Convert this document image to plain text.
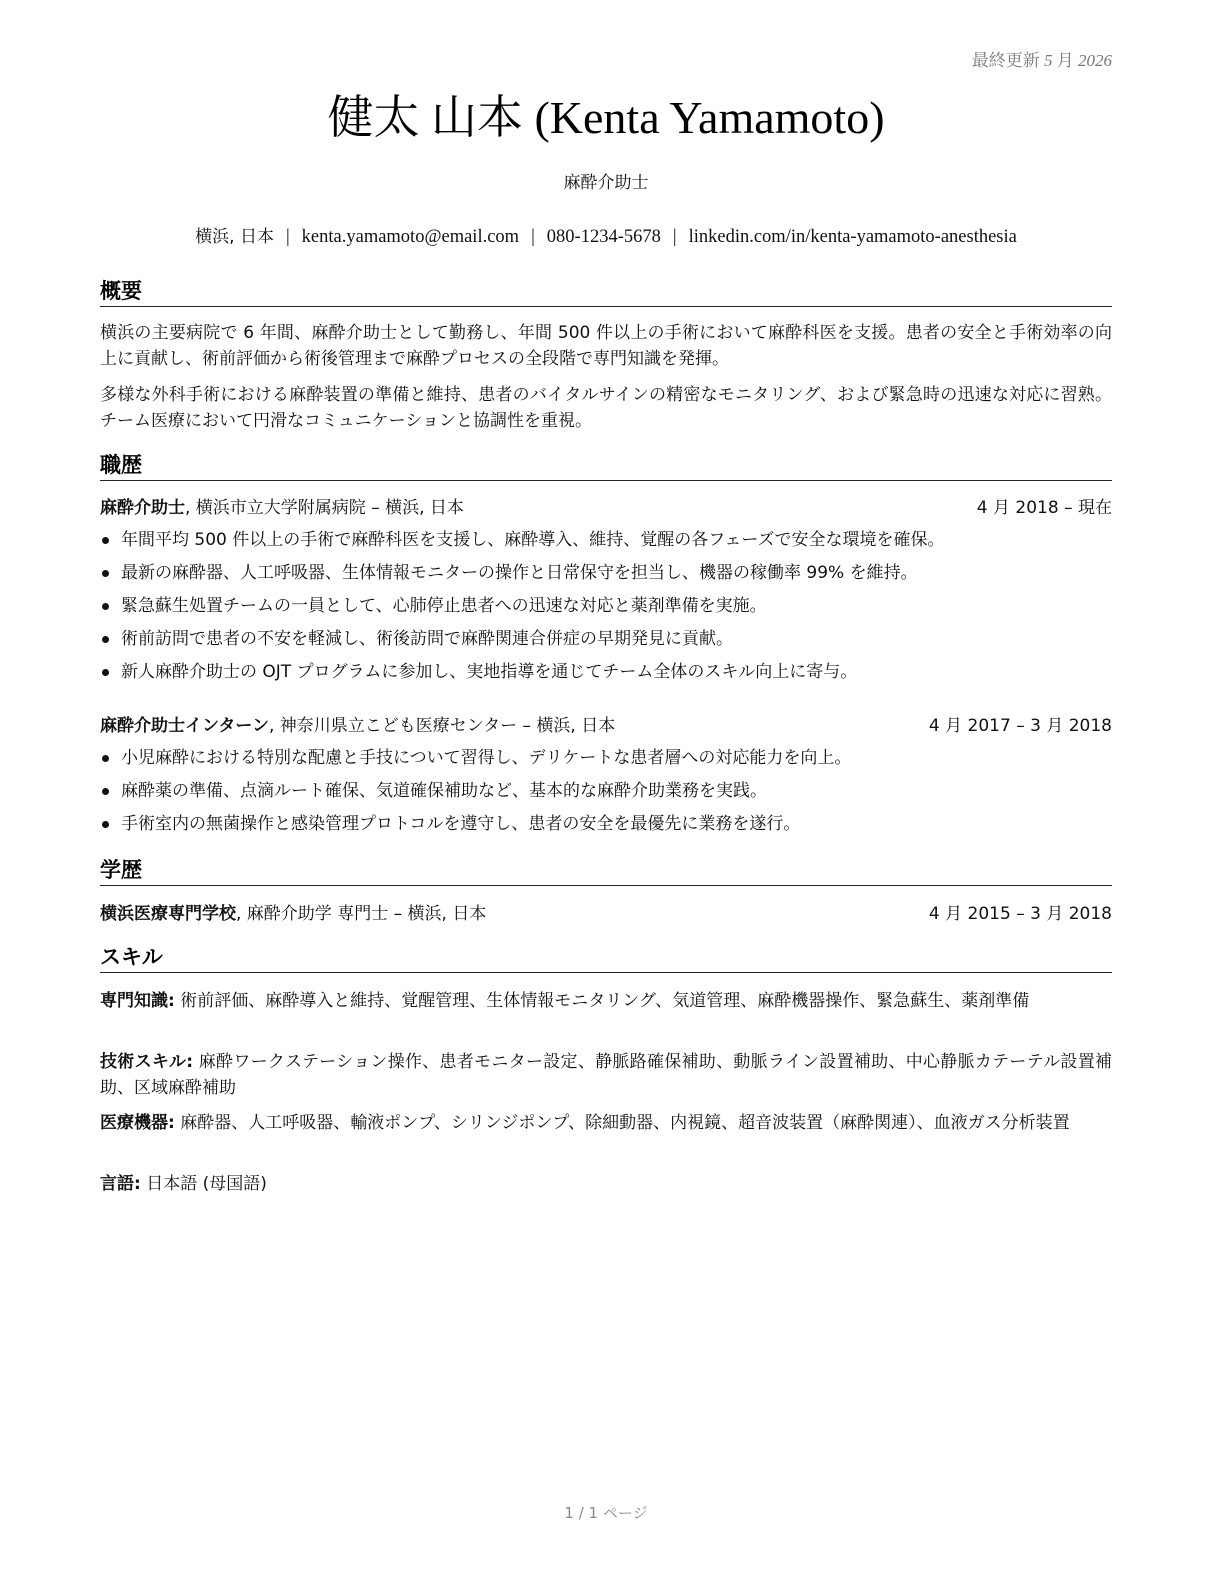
最終更新 5 月 2026
健太 山本 (Kenta Yamamoto)
麻酔介助士
横浜, 日本 | kenta.yamamoto@email.com | 080-1234-5678 | linkedin.com/in/kenta-yamamoto-anesthesia
概要
横浜の主要病院で 6 年間、麻酔介助士として勤務し、年間 500 件以上の手術において麻酔科医を支援。患者の安全と手術効率の向上に貢献し、術前評価から術後管理まで麻酔プロセスの全段階で専門知識を発揮。
多様な外科手術における麻酔装置の準備と維持、患者のバイタルサインの精密なモニタリング、および緊急時の迅速な対応に習熟。チーム医療において円滑なコミュニケーションと協調性を重視。
職歴
麻酔介助士, 横浜市立大学附属病院 – 横浜, 日本	4 月 2018 – 現在
年間平均 500 件以上の手術で麻酔科医を支援し、麻酔導入、維持、覚醒の各フェーズで安全な環境を確保。
最新の麻酔器、人工呼吸器、生体情報モニターの操作と日常保守を担当し、機器の稼働率 99% を維持。
緊急蘇生処置チームの一員として、心肺停止患者への迅速な対応と薬剤準備を実施。
術前訪問で患者の不安を軽減し、術後訪問で麻酔関連合併症の早期発見に貢献。
新人麻酔介助士の OJT プログラムに参加し、実地指導を通じてチーム全体のスキル向上に寄与。
麻酔介助士インターン, 神奈川県立こども医療センター – 横浜, 日本	4 月 2017 – 3 月 2018
小児麻酔における特別な配慮と手技について習得し、デリケートな患者層への対応能力を向上。
麻酔薬の準備、点滴ルート確保、気道確保補助など、基本的な麻酔介助業務を実践。
手術室内の無菌操作と感染管理プロトコルを遵守し、患者の安全を最優先に業務を遂行。
学歴
横浜医療専門学校, 麻酔介助学 専門士 – 横浜, 日本	4 月 2015 – 3 月 2018
スキル
専門知識: 術前評価、麻酔導入と維持、覚醒管理、生体情報モニタリング、気道管理、麻酔機器操作、緊急蘇生、薬剤準備
技術スキル: 麻酔ワークステーション操作、患者モニター設定、静脈路確保補助、動脈ライン設置補助、中心静脈カテーテル設置補助、区域麻酔補助
医療機器: 麻酔器、人工呼吸器、輸液ポンプ、シリンジポンプ、除細動器、内視鏡、超音波装置（麻酔関連）、血液ガス分析装置
言語: 日本語 (母国語)
1 / 1 ページ
